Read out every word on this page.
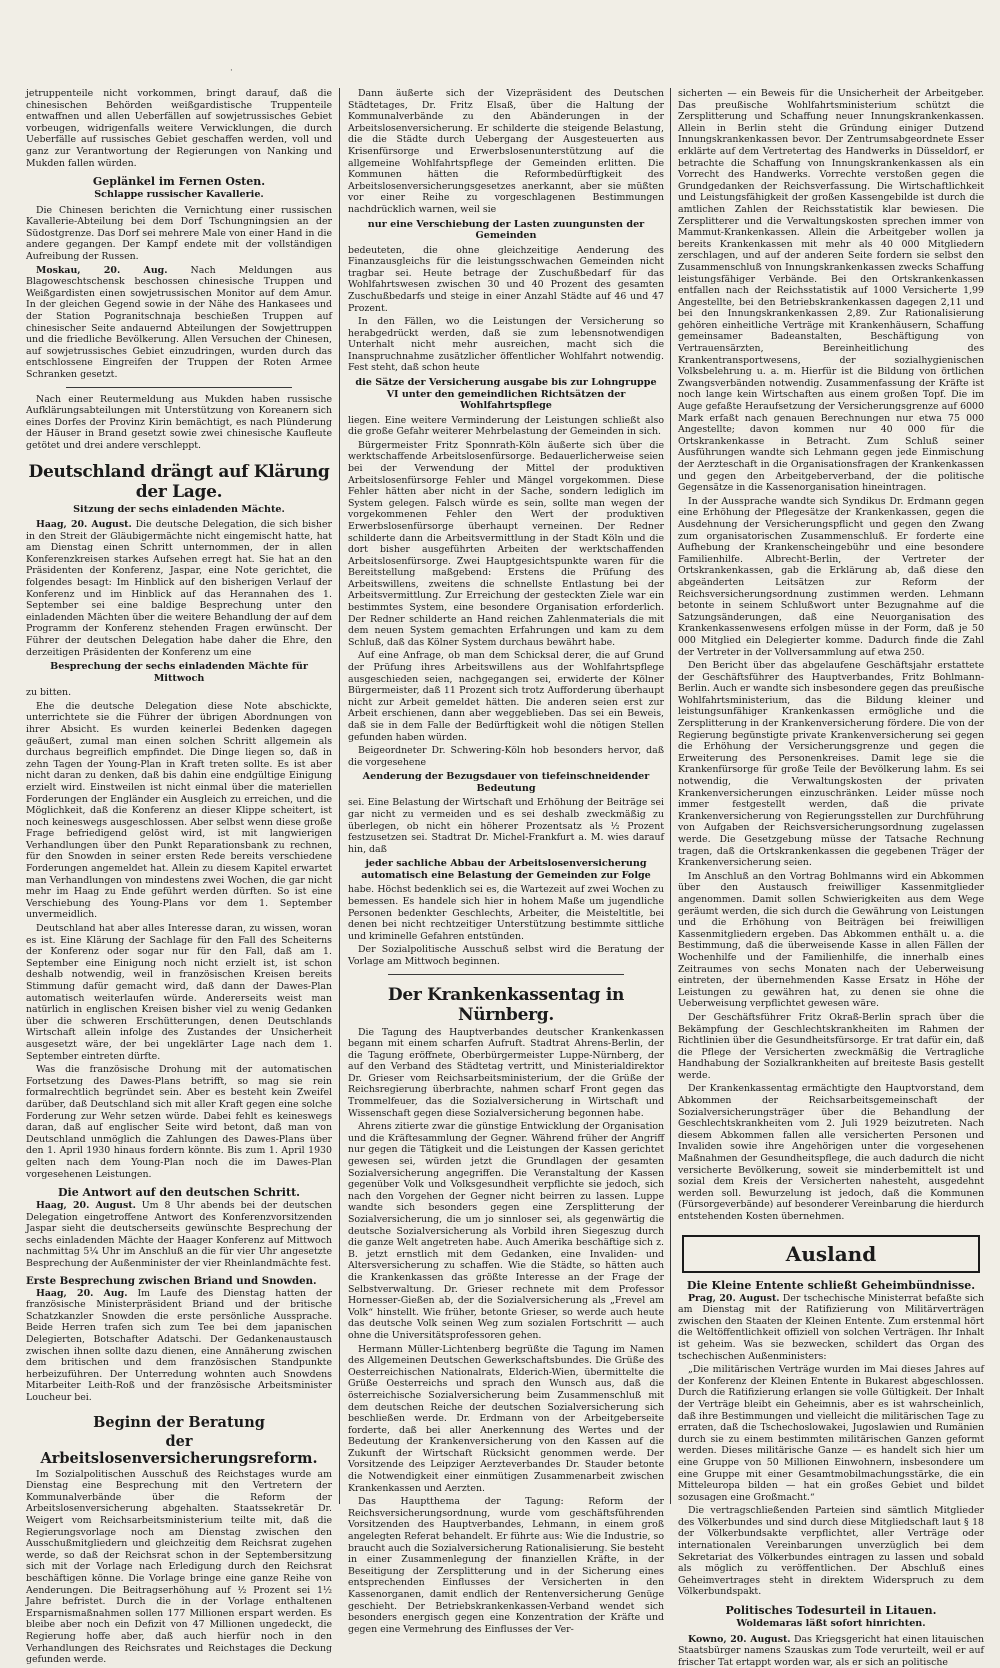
·

jetruppenteile nicht vorkommen, bringt darauf, daß die chinesischen Behörden weißgardistische Truppenteile entwaffnen und allen Ueberfällen auf sowjetrussisches Gebiet vorbeugen, widrigenfalls weitere Verwicklungen, die durch Ueberfälle auf russisches Gebiet geschaffen werden, voll und ganz zur Verantwortung der Regierungen von Nanking und Mukden fallen würden.

Geplänkel im Fernen Osten.
Schlappe russischer Kavallerie.

Die Chinesen berichten die Vernichtung einer russischen Kavallerie-Abteilung bei dem Dorf Tschungningsien an der Südostgrenze. Das Dorf sei mehrere Male von einer Hand in die andere gegangen. Der Kampf endete mit der vollständigen Aufreibung der Russen.

Moskau, 20. Aug. Nach Meldungen aus Blagoweschtschensk beschossen chinesische Truppen und Weißgardisten einen sowjetrussischen Monitor auf dem Amur. In der gleichen Gegend sowie in der Nähe des Hankasees und der Station Pogranitschnaja beschießen Truppen auf chinesischer Seite andauernd Abteilungen der Sowjettruppen und die friedliche Bevölkerung. Allen Versuchen der Chinesen, auf sowjetrussisches Gebiet einzudringen, wurden durch das entschlossene Eingreifen der Truppen der Roten Armee Schranken gesetzt.

Nach einer Reutermeldung aus Mukden haben russische Aufklärungsabteilungen mit Unterstützung von Koreanern sich eines Dorfes der Provinz Kirin bemächtigt, es nach Plünderung der Häuser in Brand gesetzt sowie zwei chinesische Kaufleute getötet und drei andere verschleppt.

Deutschland drängt auf Klärung der Lage.
Sitzung der sechs einladenden Mächte.

Haag, 20. August. Die deutsche Delegation, die sich bisher in den Streit der Gläubigermächte nicht eingemischt hatte, hat am Dienstag einen Schritt unternommen, der in allen Konferenzkreisen starkes Aufsehen erregt hat. Sie hat an den Präsidenten der Konferenz, Jaspar, eine Note gerichtet, die folgendes besagt: Im Hinblick auf den bisherigen Verlauf der Konferenz und im Hinblick auf das Herannahen des 1. September sei eine baldige Besprechung unter den einladenden Mächten über die weitere Behandlung der auf dem Programm der Konferenz stehenden Fragen erwünscht. Der Führer der deutschen Delegation habe daher die Ehre, den derzeitigen Präsidenten der Konferenz um eine

Besprechung der sechs einladenden Mächte für Mittwoch

zu bitten.

Ehe die deutsche Delegation diese Note abschickte, unterrichtete sie die Führer der übrigen Abordnungen von ihrer Absicht. Es wurden keinerlei Bedenken dagegen geäußert, zumal man einen solchen Schritt allgemein als durchaus begreiflich empfindet. Die Dinge liegen so, daß in zehn Tagen der Young-Plan in Kraft treten sollte. Es ist aber nicht daran zu denken, daß bis dahin eine endgültige Einigung erzielt wird. Einstweilen ist nicht einmal über die materiellen Forderungen der Engländer ein Ausgleich zu erreichen, und die Möglichkeit, daß die Konferenz an dieser Klippe scheitert, ist noch keineswegs ausgeschlossen. Aber selbst wenn diese große Frage befriedigend gelöst wird, ist mit langwierigen Verhandlungen über den Punkt Reparationsbank zu rechnen, für den Snowden in seiner ersten Rede bereits verschiedene Forderungen angemeldet hat. Allein zu diesem Kapitel erwartet man Verhandlungen von mindestens zwei Wochen, die gar nicht mehr im Haag zu Ende geführt werden dürften. So ist eine Verschiebung des Young-Plans vor dem 1. September unvermeidlich.

Deutschland hat aber alles Interesse daran, zu wissen, woran es ist. Eine Klärung der Sachlage für den Fall des Scheiterns der Konferenz oder sogar nur für den Fall, daß am 1. September eine Einigung noch nicht erzielt ist, ist schon deshalb notwendig, weil in französischen Kreisen bereits Stimmung dafür gemacht wird, daß dann der Dawes-Plan automatisch weiterlaufen würde. Andererseits weist man natürlich in englischen Kreisen bisher viel zu wenig Gedanken über die schweren Erschütterungen, denen Deutschlands Wirtschaft allein infolge des Zustandes der Unsicherheit ausgesetzt wäre, der bei ungeklärter Lage nach dem 1. September eintreten dürfte.

Was die französische Drohung mit der automatischen Fortsetzung des Dawes-Plans betrifft, so mag sie rein formalrechtlich begründet sein. Aber es besteht kein Zweifel darüber, daß Deutschland sich mit aller Kraft gegen eine solche Forderung zur Wehr setzen würde. Dabei fehlt es keineswegs daran, daß auf englischer Seite wird betont, daß man von Deutschland unmöglich die Zahlungen des Dawes-Plans über den 1. April 1930 hinaus fordern könnte. Bis zum 1. April 1930 gelten nach dem Young-Plan noch die im Dawes-Plan vorgesehenen Leistungen.

Die Antwort auf den deutschen Schritt.

Haag, 20. August. Um 8 Uhr abends bei der deutschen Delegation eingetroffene Antwort des Konferenzvorsitzenden Jaspar sieht die deutscherseits gewünschte Besprechung der sechs einladenden Mächte der Haager Konferenz auf Mittwoch nachmittag 5¼ Uhr im Anschluß an die für vier Uhr angesetzte Besprechung der Außenminister der vier Rheinlandmächte fest.

Erste Besprechung zwischen Briand und Snowden.

Haag, 20. Aug. Im Laufe des Dienstag hatten der französische Ministerpräsident Briand und der britische Schatzkanzler Snowden die erste persönliche Aussprache. Beide Herren trafen sich zum Tee bei dem japanischen Delegierten, Botschafter Adatschi. Der Gedankenaustausch zwischen ihnen sollte dazu dienen, eine Annäherung zwischen dem britischen und dem französischen Standpunkte herbeizuführen. Der Unterredung wohnten auch Snowdens Mitarbeiter Leith-Roß und der französische Arbeitsminister Loucheur bei.

Beginn der Beratung
der Arbeitslosenversicherungsreform.

Im Sozialpolitischen Ausschuß des Reichstages wurde am Dienstag eine Besprechung mit den Vertretern der Kommunalverbände über die Reform der Arbeitslosenversicherung abgehalten. Staatssekretär Dr. Weigert vom Reichsarbeitsministerium teilte mit, daß die Regierungsvorlage noch am Dienstag zwischen den Ausschußmitgliedern und gleichzeitig dem Reichsrat zugehen werde, so daß der Reichsrat schon in der Septembersitzung sich mit der Vorlage nach Erledigung durch den Reichsrat beschäftigen könne. Die Vorlage bringe eine ganze Reihe von Aenderungen. Die Beitragserhöhung auf ½ Prozent sei 1½ Jahre befristet. Durch die in der Vorlage enthaltenen Ersparnismaßnahmen sollen 177 Millionen erspart werden. Es bleibe aber noch ein Defizit von 47 Millionen ungedeckt, die Regierung hoffe aber, daß auch hierfür noch in den Verhandlungen des Reichsrates und Reichstages die Deckung gefunden werde.

Dann äußerte sich der Vizepräsident des Deutschen Städtetages, Dr. Fritz Elsaß, über die Haltung der Kommunalverbände zu den Abänderungen in der Arbeitslosenversicherung. Er schilderte die steigende Belastung, die die Städte durch Uebergang der Ausgesteuerten aus Krisenfürsorge und Erwerbslosenunterstützung auf die allgemeine Wohlfahrtspflege der Gemeinden erlitten. Die Kommunen hätten die Reformbedürftigkeit des Arbeitslosenversicherungsgesetzes anerkannt, aber sie müßten vor einer Reihe zu vorgeschlagenen Bestimmungen nachdrücklich warnen, weil sie

nur eine Verschiebung der Lasten zuungunsten der Gemeinden

bedeuteten, die ohne gleichzeitige Aenderung des Finanzausgleichs für die leistungsschwachen Gemeinden nicht tragbar sei. Heute betrage der Zuschußbedarf für das Wohlfahrtswesen zwischen 30 und 40 Prozent des gesamten Zuschußbedarfs und steige in einer Anzahl Städte auf 46 und 47 Prozent.

In den Fällen, wo die Leistungen der Versicherung so herabgedrückt werden, daß sie zum lebensnotwendigen Unterhalt nicht mehr ausreichen, macht sich die Inanspruchnahme zusätzlicher öffentlicher Wohlfahrt notwendig. Fest steht, daß schon heute

die Sätze der Versicherung ausgabe bis zur Lohngruppe VI unter den gemeindlichen Richtsätzen der Wohlfahrtspflege

liegen. Eine weitere Verminderung der Leistungen schließt also die große Gefahr weiterer Mehrbelastung der Gemeinden in sich.

Bürgermeister Fritz Sponnrath-Köln äußerte sich über die werktschaffende Arbeitslosenfürsorge. Bedauerlicherweise seien bei der Verwendung der Mittel der produktiven Arbeitslosenfürsorge Fehler und Mängel vorgekommen. Diese Fehler hätten aber nicht in der Sache, sondern lediglich im System gelegen. Falsch würde es sein, sollte man wegen der vorgekommenen Fehler den Wert der produktiven Erwerbslosenfürsorge überhaupt verneinen. Der Redner schilderte dann die Arbeitsvermittlung in der Stadt Köln und die dort bisher ausgeführten Arbeiten der werktschaffenden Arbeitslosenfürsorge. Zwei Hauptgesichtspunkte waren für die Bereitstellung maßgebend: Erstens die Prüfung des Arbeitswillens, zweitens die schnellste Entlastung bei der Arbeitsvermittlung. Zur Erreichung der gesteckten Ziele war ein bestimmtes System, eine besondere Organisation erforderlich. Der Redner schilderte an Hand reichen Zahlenmaterials die mit dem neuen System gemachten Erfahrungen und kam zu dem Schluß, daß das Kölner System durchaus bewährt habe.

Auf eine Anfrage, ob man dem Schicksal derer, die auf Grund der Prüfung ihres Arbeitswillens aus der Wohlfahrtspflege ausgeschieden seien, nachgegangen sei, erwiderte der Kölner Bürgermeister, daß 11 Prozent sich trotz Aufforderung überhaupt nicht zur Arbeit gemeldet hätten. Die anderen seien erst zur Arbeit erschienen, dann aber weggeblieben. Das sei ein Beweis, daß sie in dem Falle der Bedürftigkeit wohl die nötigen Stellen gefunden haben würden.

Beigeordneter Dr. Schwering-Köln hob besonders hervor, daß die vorgesehene

Aenderung der Bezugsdauer von tiefeinschneidender Bedeutung

sei. Eine Belastung der Wirtschaft und Erhöhung der Beiträge sei gar nicht zu vermeiden und es sei deshalb zweckmäßig zu überlegen, ob nicht ein höherer Prozentsatz als ½ Prozent festzusetzen sei. Stadtrat Dr. Michel-Frankfurt a. M. wies darauf hin, daß

jeder sachliche Abbau der Arbeitslosenversicherung automatisch eine Belastung der Gemeinden zur Folge

habe. Höchst bedenklich sei es, die Wartezeit auf zwei Wochen zu bemessen. Es handele sich hier in hohem Maße um jugendliche Personen bedenkter Geschlechts, Arbeiter, die Meisteltitle, bei denen bei nicht rechtzeitiger Unterstützung bestimmte sittliche und kriminelle Gefahren entstünden.

Der Sozialpolitische Ausschuß selbst wird die Beratung der Vorlage am Mittwoch beginnen.

Der Krankenkassentag in Nürnberg.

Die Tagung des Hauptverbandes deutscher Krankenkassen begann mit einem scharfen Aufruft. Stadtrat Ahrens-Berlin, der die Tagung eröffnete, Oberbürgermeister Luppe-Nürnberg, der auf den Verband des Städtetag vertritt, und Ministerialdirektor Dr. Grieser vom Reichsarbeitsministerium, der die Grüße der Reichsregierung überbrachte, nahmen scharf Front gegen das Trommelfeuer, das die Sozialversicherung in Wirtschaft und Wissenschaft gegen diese Sozialversicherung begonnen habe.

Ahrens zitierte zwar die günstige Entwicklung der Organisation und die Kräftesammlung der Gegner. Während früher der Angriff nur gegen die Tätigkeit und die Leistungen der Kassen gerichtet gewesen sei, würden jetzt die Grundlagen der gesamten Sozialversicherung angegriffen. Die Veranstaltung der Kassen gegenüber Volk und Volksgesundheit verpflichte sie jedoch, sich nach den Vorgehen der Gegner nicht beirren zu lassen. Luppe wandte sich besonders gegen eine Zersplitterung der Sozialversicherung, die um jo sinnloser sei, als gegenwärtig die deutsche Sozialversicherung als Vorbild ihren Siegeszug durch die ganze Welt angetreten habe. Auch Amerika beschäftige sich z. B. jetzt ernstlich mit dem Gedanken, eine Invaliden- und Altersversicherung zu schaffen. Wie die Städte, so hätten auch die Krankenkassen das größte Interesse an der Frage der Selbstverwaltung. Dr. Grieser rechnete mit dem Professor Hornesser-Gießen ab, der die Sozialversicherung als „Frevel am Volk“ hinstellt. Wie früher, betonte Grieser, so werde auch heute das deutsche Volk seinen Weg zum sozialen Fortschritt — auch ohne die Universitätsprofessoren gehen.

Hermann Müller-Lichtenberg begrüßte die Tagung im Namen des Allgemeinen Deutschen Gewerkschaftsbundes. Die Grüße des Oesterreichischen Nationalrats, Elderich-Wien, übermittelte die Grüße Oesterreichs und sprach den Wunsch aus, daß die österreichische Sozialversicherung beim Zusammenschluß mit dem deutschen Reiche der deutschen Sozialversicherung sich beschließen werde. Dr. Erdmann von der Arbeitgeberseite forderte, daß bei aller Anerkennung des Wertes und der Bedeutung der Krankenversicherung von den Kassen auf die Zukunft der Wirtschaft Rücksicht genommen werde. Der Vorsitzende des Leipziger Aerzteverbandes Dr. Stauder betonte die Notwendigkeit einer einmütigen Zusammenarbeit zwischen Krankenkassen und Aerzten.

Das Hauptthema der Tagung: Reform der Reichsversicherungsordnung, wurde vom geschäftsführenden Vorsitzenden des Hauptverbandes, Lehmann, in einem groß angelegten Referat behandelt. Er führte aus: Wie die Industrie, so braucht auch die Sozialversicherung Rationalisierung. Sie besteht in einer Zusammenlegung der finanziellen Kräfte, in der Beseitigung der Zersplitterung und in der Sicherung eines entsprechenden Einflusses der Versicherten in den Kassenorganen, damit endlich der Rentenversicherung Genüge geschieht. Der Betriebskrankenkassen-Verband wendet sich besonders energisch gegen eine Konzentration der Kräfte und gegen eine Vermehrung des Einflusses der Ver-

sicherten — ein Beweis für die Unsicherheit der Arbeitgeber. Das preußische Wohlfahrtsministerium schützt die Zersplitterung und Schaffung neuer Innungskrankenkassen. Allein in Berlin steht die Gründung einiger Dutzend Innungskrankenkassen bevor. Der Zentrumsabgeordnete Esser erklärte auf dem Vertretertag des Handwerks in Düsseldorf, er betrachte die Schaffung von Innungskrankenkassen als ein Vorrecht des Handwerks. Vorrechte verstoßen gegen die Grundgedanken der Reichsverfassung. Die Wirtschaftlichkeit und Leistungsfähigkeit der großen Kassengebilde ist durch die amtlichen Zahlen der Reichsstatistik klar bewiesen. Die Zersplitterer und die Verwaltungskosten sprechen immer von Mammut-Krankenkassen. Allein die Arbeitgeber wollen ja bereits Krankenkassen mit mehr als 40 000 Mitgliedern zerschlagen, und auf der anderen Seite fordern sie selbst den Zusammenschluß von Innungskrankenkassen zwecks Schaffung leistungsfähiger Verbände. Bei den Ortskrankenkassen entfallen nach der Reichsstatistik auf 1000 Versicherte 1,99 Angestellte, bei den Betriebskrankenkassen dagegen 2,11 und bei den Innungskrankenkassen 2,89. Zur Rationalisierung gehören einheitliche Verträge mit Krankenhäusern, Schaffung gemeinsamer Badeanstalten, Beschäftigung von Vertrauensärzten, Bereinheitlichung des Krankentransportwesens, der sozialhygienischen Volksbelehrung u. a. m. Hierfür ist die Bildung von örtlichen Zwangsverbänden notwendig. Zusammenfassung der Kräfte ist noch lange kein Wirtschaften aus einem großen Topf. Die im Auge gefaßte Heraufsetzung der Versicherungsgrenze auf 6000 Mark erfaßt nach genauen Berechnungen nur etwa 75 000 Angestellte; davon kommen nur 40 000 für die Ortskrankenkasse in Betracht. Zum Schluß seiner Ausführungen wandte sich Lehmann gegen jede Einmischung der Aerzteschaft in die Organisationsfragen der Krankenkassen und gegen den Arbeitgeberverband, der die politische Gegensätze in die Kassenorganisation hineintragen.

In der Aussprache wandte sich Syndikus Dr. Erdmann gegen eine Erhöhung der Pflegesätze der Krankenkassen, gegen die Ausdehnung der Versicherungspflicht und gegen den Zwang zum organisatorischen Zusammenschluß. Er forderte eine Aufhebung der Krankenscheingebühr und eine besondere Familienhilfe. Albrecht-Berlin, der Vertreter der Ortskrankenkassen, gab die Erklärung ab, daß diese den abgeänderten Leitsätzen zur Reform der Reichsversicherungsordnung zustimmen werden. Lehmann betonte in seinem Schlußwort unter Bezugnahme auf die Satzungsänderungen, daß eine Neuorganisation des Krankenkassenwesens erfolgen müsse in der Form, daß je 50 000 Mitglied ein Delegierter komme. Dadurch finde die Zahl der Vertreter in der Vollversammlung auf etwa 250.

Den Bericht über das abgelaufene Geschäftsjahr erstattete der Geschäftsführer des Hauptverbandes, Fritz Bohlmann-Berlin. Auch er wandte sich insbesondere gegen das preußische Wohlfahrtsministerium, das die Bildung kleiner und leistungsunfähiger Krankenkassen ermögliche und die Zersplitterung in der Krankenversicherung fördere. Die von der Regierung begünstigte private Krankenversicherung sei gegen die Erhöhung der Versicherungsgrenze und gegen die Erweiterung des Personenkreises. Damit lege sie die Krankenfürsorge für große Teile der Bevölkerung lahm. Es sei notwendig, die Verwaltungskosten der privaten Krankenversicherungen einzuschränken. Leider müsse noch immer festgestellt werden, daß die private Krankenversicherung von Regierungsstellen zur Durchführung von Aufgaben der Reichsversicherungsordnung zugelassen werde. Die Gesetzgebung müsse der Tatsache Rechnung tragen, daß die Ortskrankenkassen die gegebenen Träger der Krankenversicherung seien.

Im Anschluß an den Vortrag Bohlmanns wird ein Abkommen über den Austausch freiwilliger Kassenmitglieder angenommen. Damit sollen Schwierigkeiten aus dem Wege geräumt werden, die sich durch die Gewährung von Leistungen und die Erhöhung von Beiträgen bei freiwilligen Kassenmitgliedern ergeben. Das Abkommen enthält u. a. die Bestimmung, daß die überweisende Kasse in allen Fällen der Wochenhilfe und der Familienhilfe, die innerhalb eines Zeitraumes von sechs Monaten nach der Ueberweisung eintreten, der übernehmenden Kasse Ersatz in Höhe der Leistungen zu gewähren hat, zu denen sie ohne die Ueberweisung verpflichtet gewesen wäre.

Der Geschäftsführer Fritz Okraß-Berlin sprach über die Bekämpfung der Geschlechtskrankheiten im Rahmen der Richtlinien über die Gesundheitsfürsorge. Er trat dafür ein, daß die Pflege der Versicherten zweckmäßig die Vertragliche Handhabung der Sozialkrankheiten auf breiteste Basis gestellt werde.

Der Krankenkassentag ermächtigte den Hauptvorstand, dem Abkommen der Reichsarbeitsgemeinschaft der Sozialversicherungsträger über die Behandlung der Geschlechtskrankheiten vom 2. Juli 1929 beizutreten. Nach diesem Abkommen fallen alle versicherten Personen und Invaliden sowie ihre Angehörigen unter die vorgesehenen Maßnahmen der Gesundheitspflege, die auch dadurch die nicht versicherte Bevölkerung, soweit sie minderbemittelt ist und sozial dem Kreis der Versicherten nahesteht, ausgedehnt werden soll. Bewurzelung ist jedoch, daß die Kommunen (Fürsorgeverbände) auf besonderer Vereinbarung die hierdurch entstehenden Kosten übernehmen.

Ausland
Die Kleine Entente schließt Geheimbündnisse.

Prag, 20. August. Der tschechische Ministerrat befaßte sich am Dienstag mit der Ratifizierung von Militärverträgen zwischen den Staaten der Kleinen Entente. Zum erstenmal hört die Weltöffentlichkeit offiziell von solchen Verträgen. Ihr Inhalt ist geheim. Was sie bezwecken, schildert das Organ des tschechischen Außenministers:

„Die militärischen Verträge wurden im Mai dieses Jahres auf der Konferenz der Kleinen Entente in Bukarest abgeschlossen. Durch die Ratifizierung erlangen sie volle Gültigkeit. Der Inhalt der Verträge bleibt ein Geheimnis, aber es ist wahrscheinlich, daß ihre Bestimmungen und vielleicht die militärischen Tage zu erraten, daß die Tschechoslowakei, Jugoslawien und Rumänien durch sie zu einem bestimmten militärischen Ganzen geformt werden. Dieses militärische Ganze — es handelt sich hier um eine Gruppe von 50 Millionen Einwohnern, insbesondere um eine Gruppe mit einer Gesamtmobilmachungsstärke, die ein Mitteleuropa bilden — hat ein großes Gebiet und bildet sozusagen eine Großmacht.“

Die vertragschließenden Parteien sind sämtlich Mitglieder des Völkerbundes und sind durch diese Mitgliedschaft laut § 18 der Völkerbundsakte verpflichtet, aller Verträge oder internationalen Vereinbarungen unverzüglich bei dem Sekretariat des Völkerbundes eintragen zu lassen und sobald als möglich zu veröffentlichen. Der Abschluß eines Geheimvertrages steht in direktem Widerspruch zu dem Völkerbundspakt.

Politisches Todesurteil in Litauen.
Woldemaras läßt sofort hinrichten.

Kowno, 20. August. Das Kriegsgericht hat einen litauischen Staatsbürger namens Szauskas zum Tode verurteilt, weil er auf frischer Tat ertappt worden war, als er sich an politische
